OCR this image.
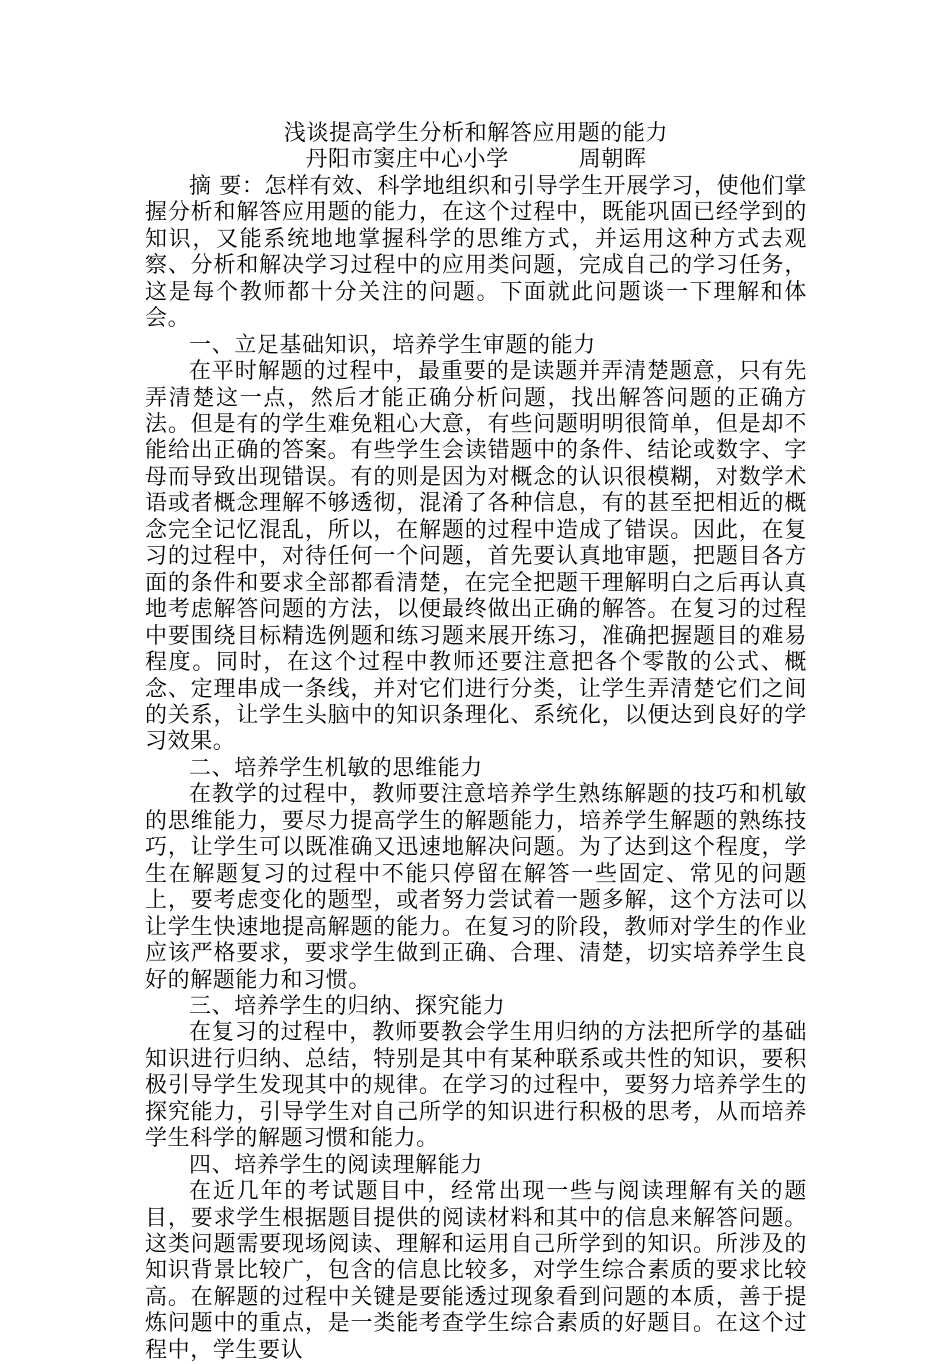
浅谈提高学生分析和解答应用题的能力

丹阳市窦庄中心小学	周朝晖

摘 要：怎样有效、科学地组织和引导学生开展学习，使他们掌握分析和解答应用题的能力，在这个过程中，既能巩固已经学到的知识，又能系统地地掌握科学的思维方式，并运用这种方式去观察、分析和解决学习过程中的应用类问题，完成自己的学习任务，这是每个教师都十分关注的问题。下面就此问题谈一下理解和体会。

一、立足基础知识，培养学生审题的能力

在平时解题的过程中，最重要的是读题并弄清楚题意，只有先弄清楚这一点，然后才能正确分析问题，找出解答问题的正确方法。但是有的学生难免粗心大意，有些问题明明很简单，但是却不能给出正确的答案。有些学生会读错题中的条件、结论或数字、字母而导致出现错误。有的则是因为对概念的认识很模糊，对数学术语或者概念理解不够透彻，混淆了各种信息，有的甚至把相近的概念完全记忆混乱，所以，在解题的过程中造成了错误。因此，在复习的过程中，对待任何一个问题，首先要认真地审题，把题目各方面的条件和要求全部都看清楚，在完全把题干理解明白之后再认真地考虑解答问题的方法，以便最终做出正确的解答。在复习的过程中要围绕目标精选例题和练习题来展开练习，准确把握题目的难易程度。同时，在这个过程中教师还要注意把各个零散的公式、概念、定理串成一条线，并对它们进行分类，让学生弄清楚它们之间的关系，让学生头脑中的知识条理化、系统化，以便达到良好的学习效果。

二、培养学生机敏的思维能力

在教学的过程中，教师要注意培养学生熟练解题的技巧和机敏的思维能力，要尽力提高学生的解题能力，培养学生解题的熟练技巧，让学生可以既准确又迅速地解决问题。为了达到这个程度，学生在解题复习的过程中不能只停留在解答一些固定、常见的问题上，要考虑变化的题型，或者努力尝试着一题多解，这个方法可以让学生快速地提高解题的能力。在复习的阶段，教师对学生的作业应该严格要求，要求学生做到正确、合理、清楚，切实培养学生良好的解题能力和习惯。

三、培养学生的归纳、探究能力

在复习的过程中，教师要教会学生用归纳的方法把所学的基础知识进行归纳、总结，特别是其中有某种联系或共性的知识，要积极引导学生发现其中的规律。在学习的过程中，要努力培养学生的探究能力，引导学生对自己所学的知识进行积极的思考，从而培养学生科学的解题习惯和能力。

四、培养学生的阅读理解能力

在近几年的考试题目中，经常出现一些与阅读理解有关的题目，要求学生根据题目提供的阅读材料和其中的信息来解答问题。这类问题需要现场阅读、理解和运用自己所学到的知识。所涉及的知识背景比较广，包含的信息比较多，对学生综合素质的要求比较高。在解题的过程中关键是要能透过现象看到问题的本质，善于提炼问题中的重点，是一类能考查学生综合素质的好题目。在这个过程中，学生要认
